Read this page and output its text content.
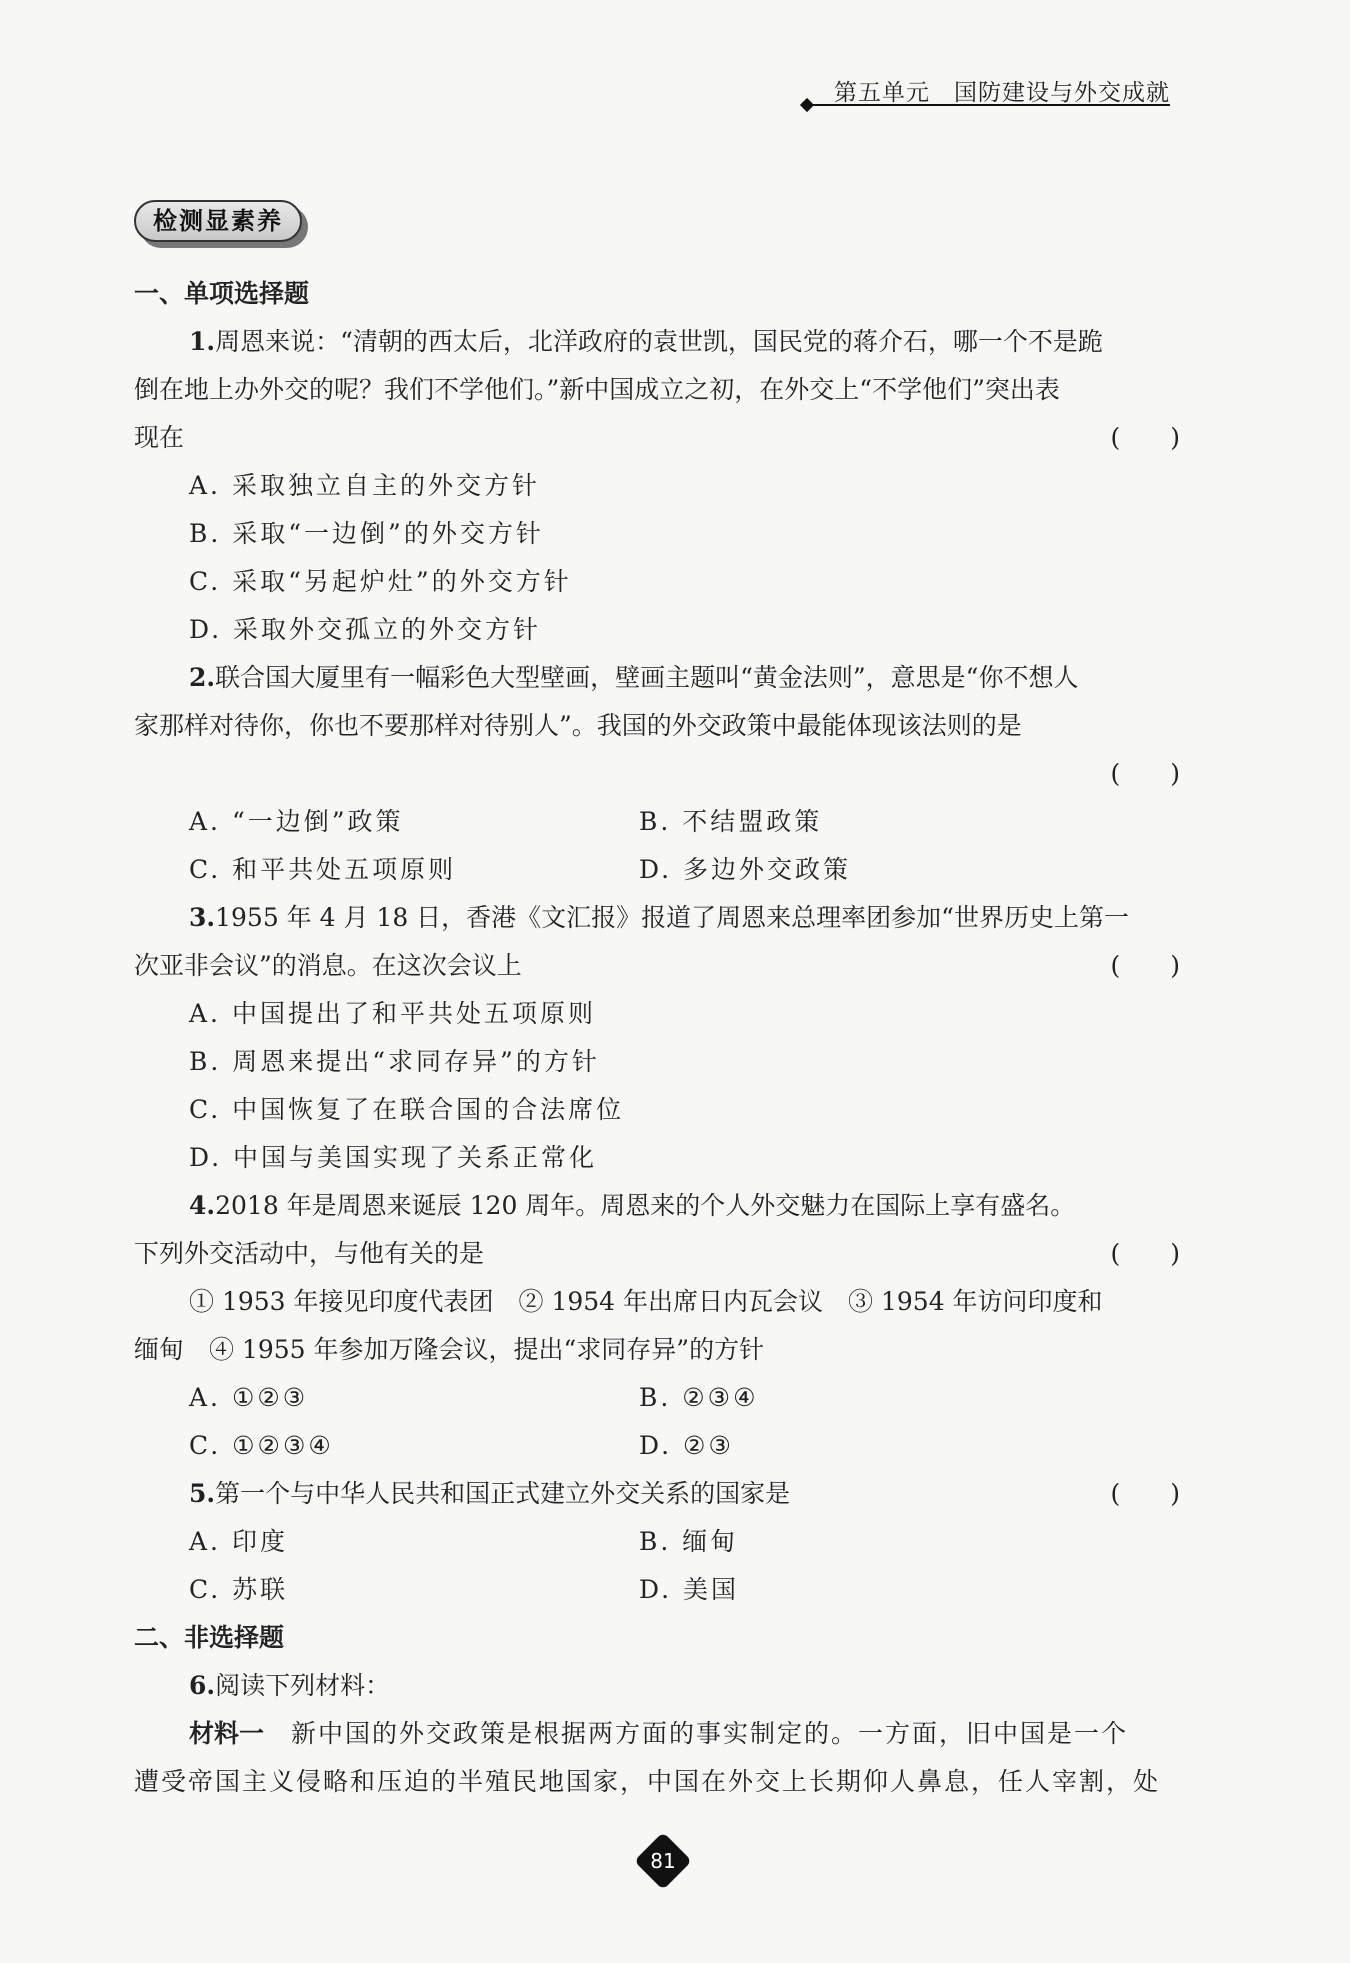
第五单元　国防建设与外交成就
检测显素养
一、单项选择题
1.周恩来说：“清朝的西太后，北洋政府的袁世凯，国民党的蒋介石，哪一个不是跪
倒在地上办外交的呢？我们不学他们。”新中国成立之初，在外交上“不学他们”突出表
现在	(　　)
A. 采取独立自主的外交方针
B. 采取“一边倒”的外交方针
C. 采取“另起炉灶”的外交方针
D. 采取外交孤立的外交方针
2.联合国大厦里有一幅彩色大型壁画，壁画主题叫“黄金法则”，意思是“你不想人
家那样对待你，你也不要那样对待别人”。我国的外交政策中最能体现该法则的是
(　　)
A. “一边倒”政策	B. 不结盟政策
C. 和平共处五项原则	D. 多边外交政策
3.1955 年 4 月 18 日，香港《文汇报》报道了周恩来总理率团参加“世界历史上第一
次亚非会议”的消息。在这次会议上	(　　)
A. 中国提出了和平共处五项原则
B. 周恩来提出“求同存异”的方针
C. 中国恢复了在联合国的合法席位
D. 中国与美国实现了关系正常化
4.2018 年是周恩来诞辰 120 周年。周恩来的个人外交魅力在国际上享有盛名。
下列外交活动中，与他有关的是	(　　)
① 1953 年接见印度代表团　② 1954 年出席日内瓦会议　③ 1954 年访问印度和
缅甸　④ 1955 年参加万隆会议，提出“求同存异”的方针
A. ①②③	B. ②③④
C. ①②③④	D. ②③
5.第一个与中华人民共和国正式建立外交关系的国家是	(　　)
A. 印度	B. 缅甸
C. 苏联	D. 美国
二、非选择题
6.阅读下列材料：
材料一　新中国的外交政策是根据两方面的事实制定的。一方面，旧中国是一个
遭受帝国主义侵略和压迫的半殖民地国家，中国在外交上长期仰人鼻息，任人宰割，处
81
